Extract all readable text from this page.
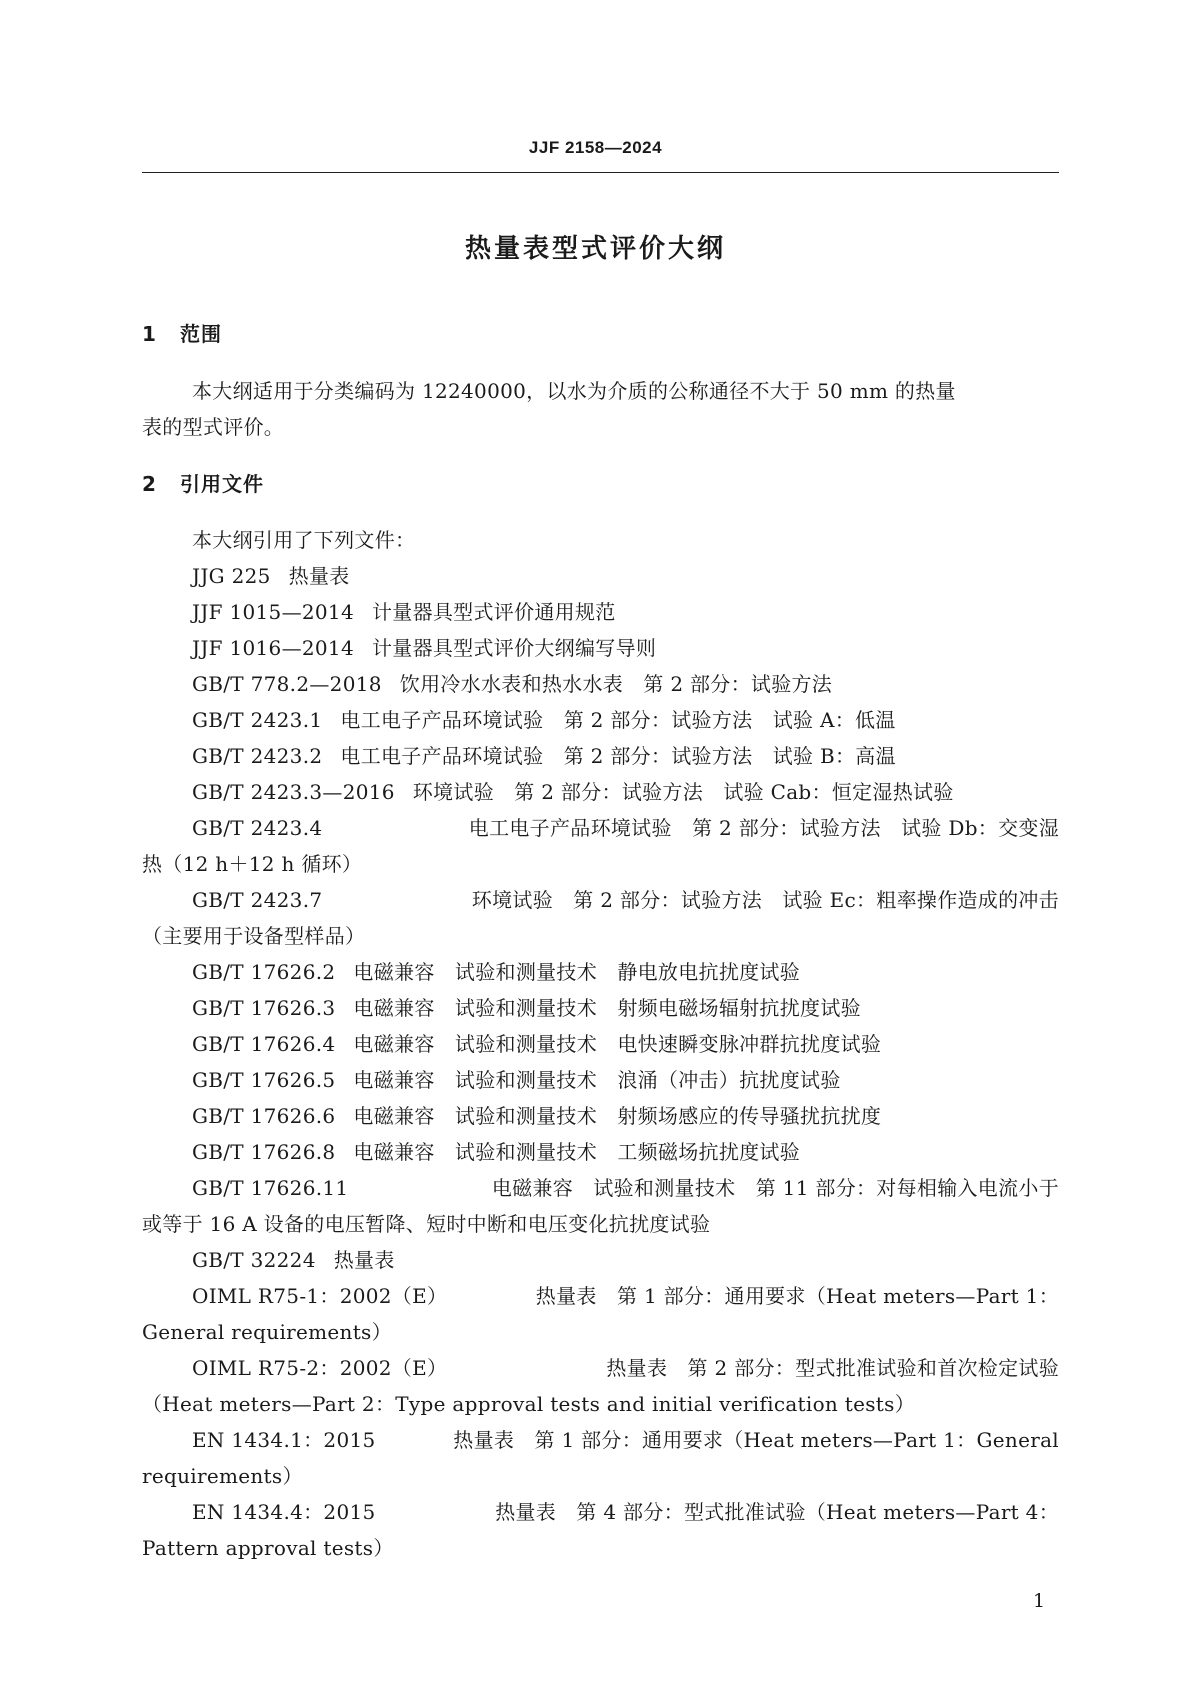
JJF 2158—2024
热量表型式评价大纲
1 范围
本大纲适用于分类编码为 12240000，以水为介质的公称通径不大于 50 mm 的热量
表的型式评价。
2 引用文件
本大纲引用了下列文件：
JJG 225 热量表
JJF 1015—2014 计量器具型式评价通用规范
JJF 1016—2014 计量器具型式评价大纲编写导则
GB/T 778.2—2018 饮用冷水水表和热水水表　第 2 部分：试验方法
GB/T 2423.1 电工电子产品环境试验　第 2 部分：试验方法　试验 A：低温
GB/T 2423.2 电工电子产品环境试验　第 2 部分：试验方法　试验 B：高温
GB/T 2423.3—2016 环境试验　第 2 部分：试验方法　试验 Cab：恒定湿热试验
GB/T 2423.4	电工电子产品环境试验　第 2 部分：试验方法　试验 Db：交变湿
热（12 h＋12 h 循环）
GB/T 2423.7	环境试验　第 2 部分：试验方法　试验 Ec：粗率操作造成的冲击
（主要用于设备型样品）
GB/T 17626.2 电磁兼容　试验和测量技术　静电放电抗扰度试验
GB/T 17626.3 电磁兼容　试验和测量技术　射频电磁场辐射抗扰度试验
GB/T 17626.4 电磁兼容　试验和测量技术　电快速瞬变脉冲群抗扰度试验
GB/T 17626.5 电磁兼容　试验和测量技术　浪涌（冲击）抗扰度试验
GB/T 17626.6 电磁兼容　试验和测量技术　射频场感应的传导骚扰抗扰度
GB/T 17626.8 电磁兼容　试验和测量技术　工频磁场抗扰度试验
GB/T 17626.11	电磁兼容　试验和测量技术　第 11 部分：对每相输入电流小于
或等于 16 A 设备的电压暂降、短时中断和电压变化抗扰度试验
GB/T 32224 热量表
OIML R75-1：2002（E）	热量表　第 1 部分：通用要求（Heat meters—Part 1：
General requirements）
OIML R75-2：2002（E）	热量表　第 2 部分：型式批准试验和首次检定试验
（Heat meters—Part 2：Type approval tests and initial verification tests）
EN 1434.1：2015	热量表　第 1 部分：通用要求（Heat meters—Part 1：General
requirements）
EN 1434.4：2015	热量表　第 4 部分：型式批准试验（Heat meters—Part 4：
Pattern approval tests）
1
